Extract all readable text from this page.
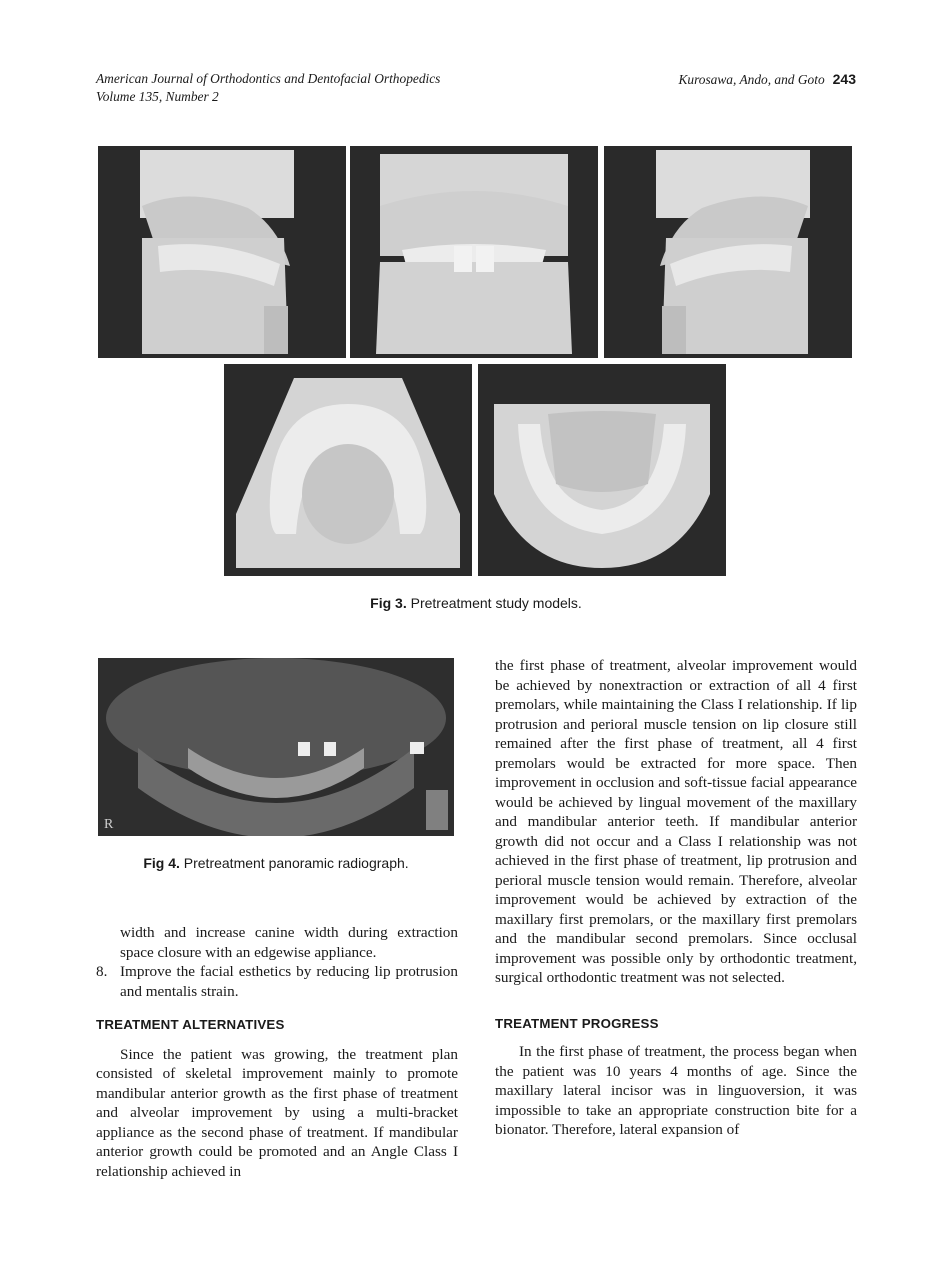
American Journal of Orthodontics and Dentofacial Orthopedics
Volume 135, Number 2
Kurosawa, Ando, and Goto 243
Fig 3. Pretreatment study models.
R
Fig 4. Pretreatment panoramic radiograph.
width and increase canine width during extraction space closure with an edgewise appliance.
8. Improve the facial esthetics by reducing lip protrusion and mentalis strain.
TREATMENT ALTERNATIVES

Since the patient was growing, the treatment plan consisted of skeletal improvement mainly to promote mandibular anterior growth as the first phase of treatment and alveolar improvement by using a multi-bracket appliance as the second phase of treatment. If mandibular anterior growth could be promoted and an Angle Class I relationship achieved in

the first phase of treatment, alveolar improvement would be achieved by nonextraction or extraction of all 4 first premolars, while maintaining the Class I relationship. If lip protrusion and perioral muscle tension on lip closure still remained after the first phase of treatment, all 4 first premolars would be extracted for more space. Then improvement in occlusion and soft-tissue facial appearance would be achieved by lingual movement of the maxillary and mandibular anterior teeth. If mandibular anterior growth did not occur and a Class I relationship was not achieved in the first phase of treatment, lip protrusion and perioral muscle tension would remain. Therefore, alveolar improvement would be achieved by extraction of the maxillary first premolars, or the maxillary first premolars and the mandibular second premolars. Since occlusal improvement was possible only by orthodontic treatment, surgical orthodontic treatment was not selected.

TREATMENT PROGRESS

In the first phase of treatment, the process began when the patient was 10 years 4 months of age. Since the maxillary lateral incisor was in linguoversion, it was impossible to take an appropriate construction bite for a bionator. Therefore, lateral expansion of
